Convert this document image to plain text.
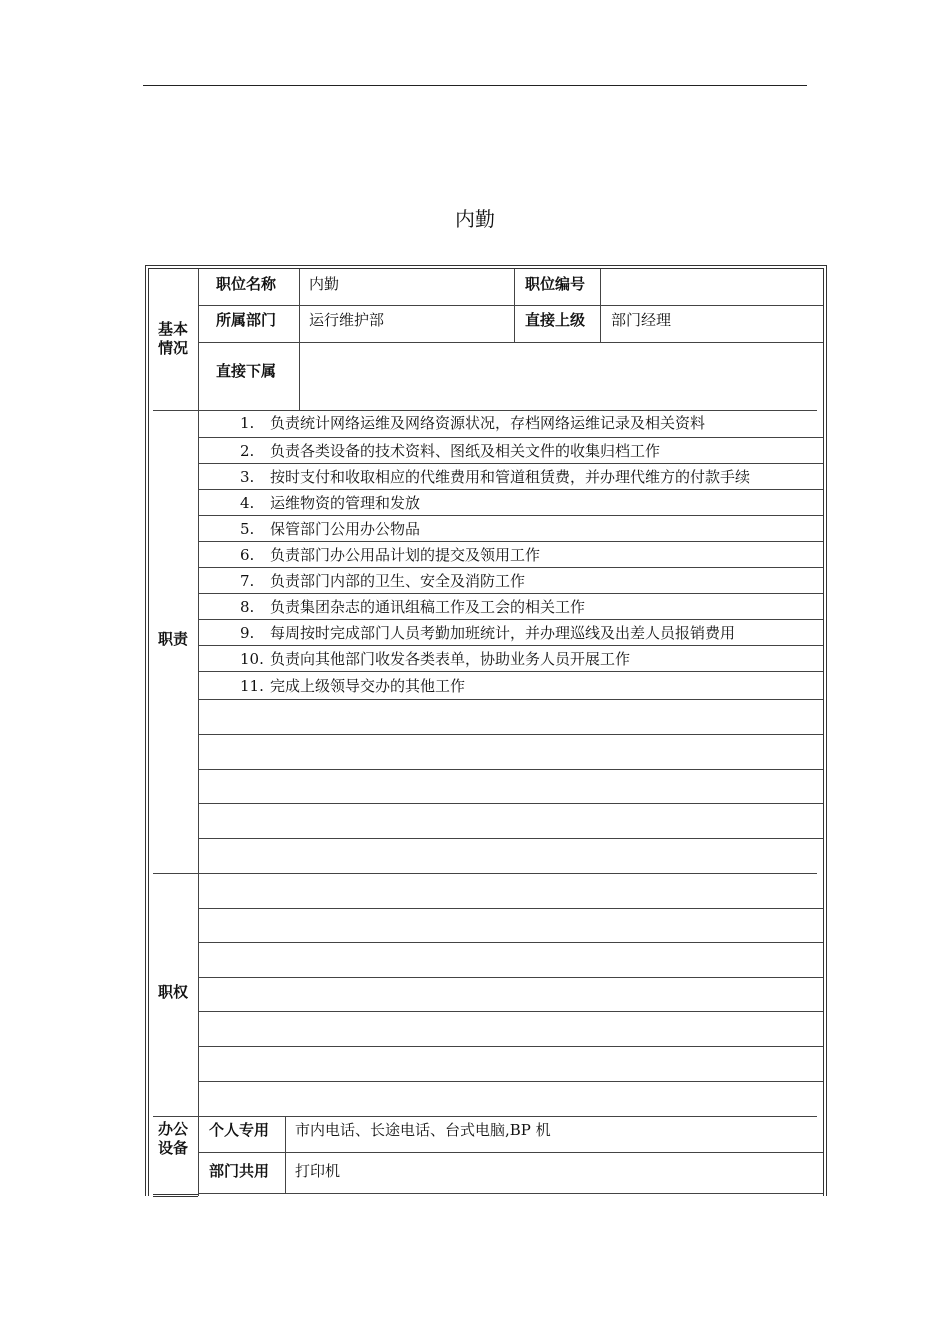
内勤
基本
情况
职位名称 内勤	职位编号
所属部门 运行维护部	直接上级 部门经理
直接下属
职责
1. 负责统计网络运维及网络资源状况，存档网络运维记录及相关资料
2. 负责各类设备的技术资料、图纸及相关文件的收集归档工作
3. 按时支付和收取相应的代维费用和管道租赁费，并办理代维方的付款手续
4. 运维物资的管理和发放
5. 保管部门公用办公物品
6. 负责部门办公用品计划的提交及领用工作
7. 负责部门内部的卫生、安全及消防工作
8. 负责集团杂志的通讯组稿工作及工会的相关工作
9. 每周按时完成部门人员考勤加班统计，并办理巡线及出差人员报销费用
10. 负责向其他部门收发各类表单，协助业务人员开展工作
11. 完成上级领导交办的其他工作
职权
办公
设备
个人专用 市内电话、长途电话、台式电脑,BP 机
部门共用 打印机
